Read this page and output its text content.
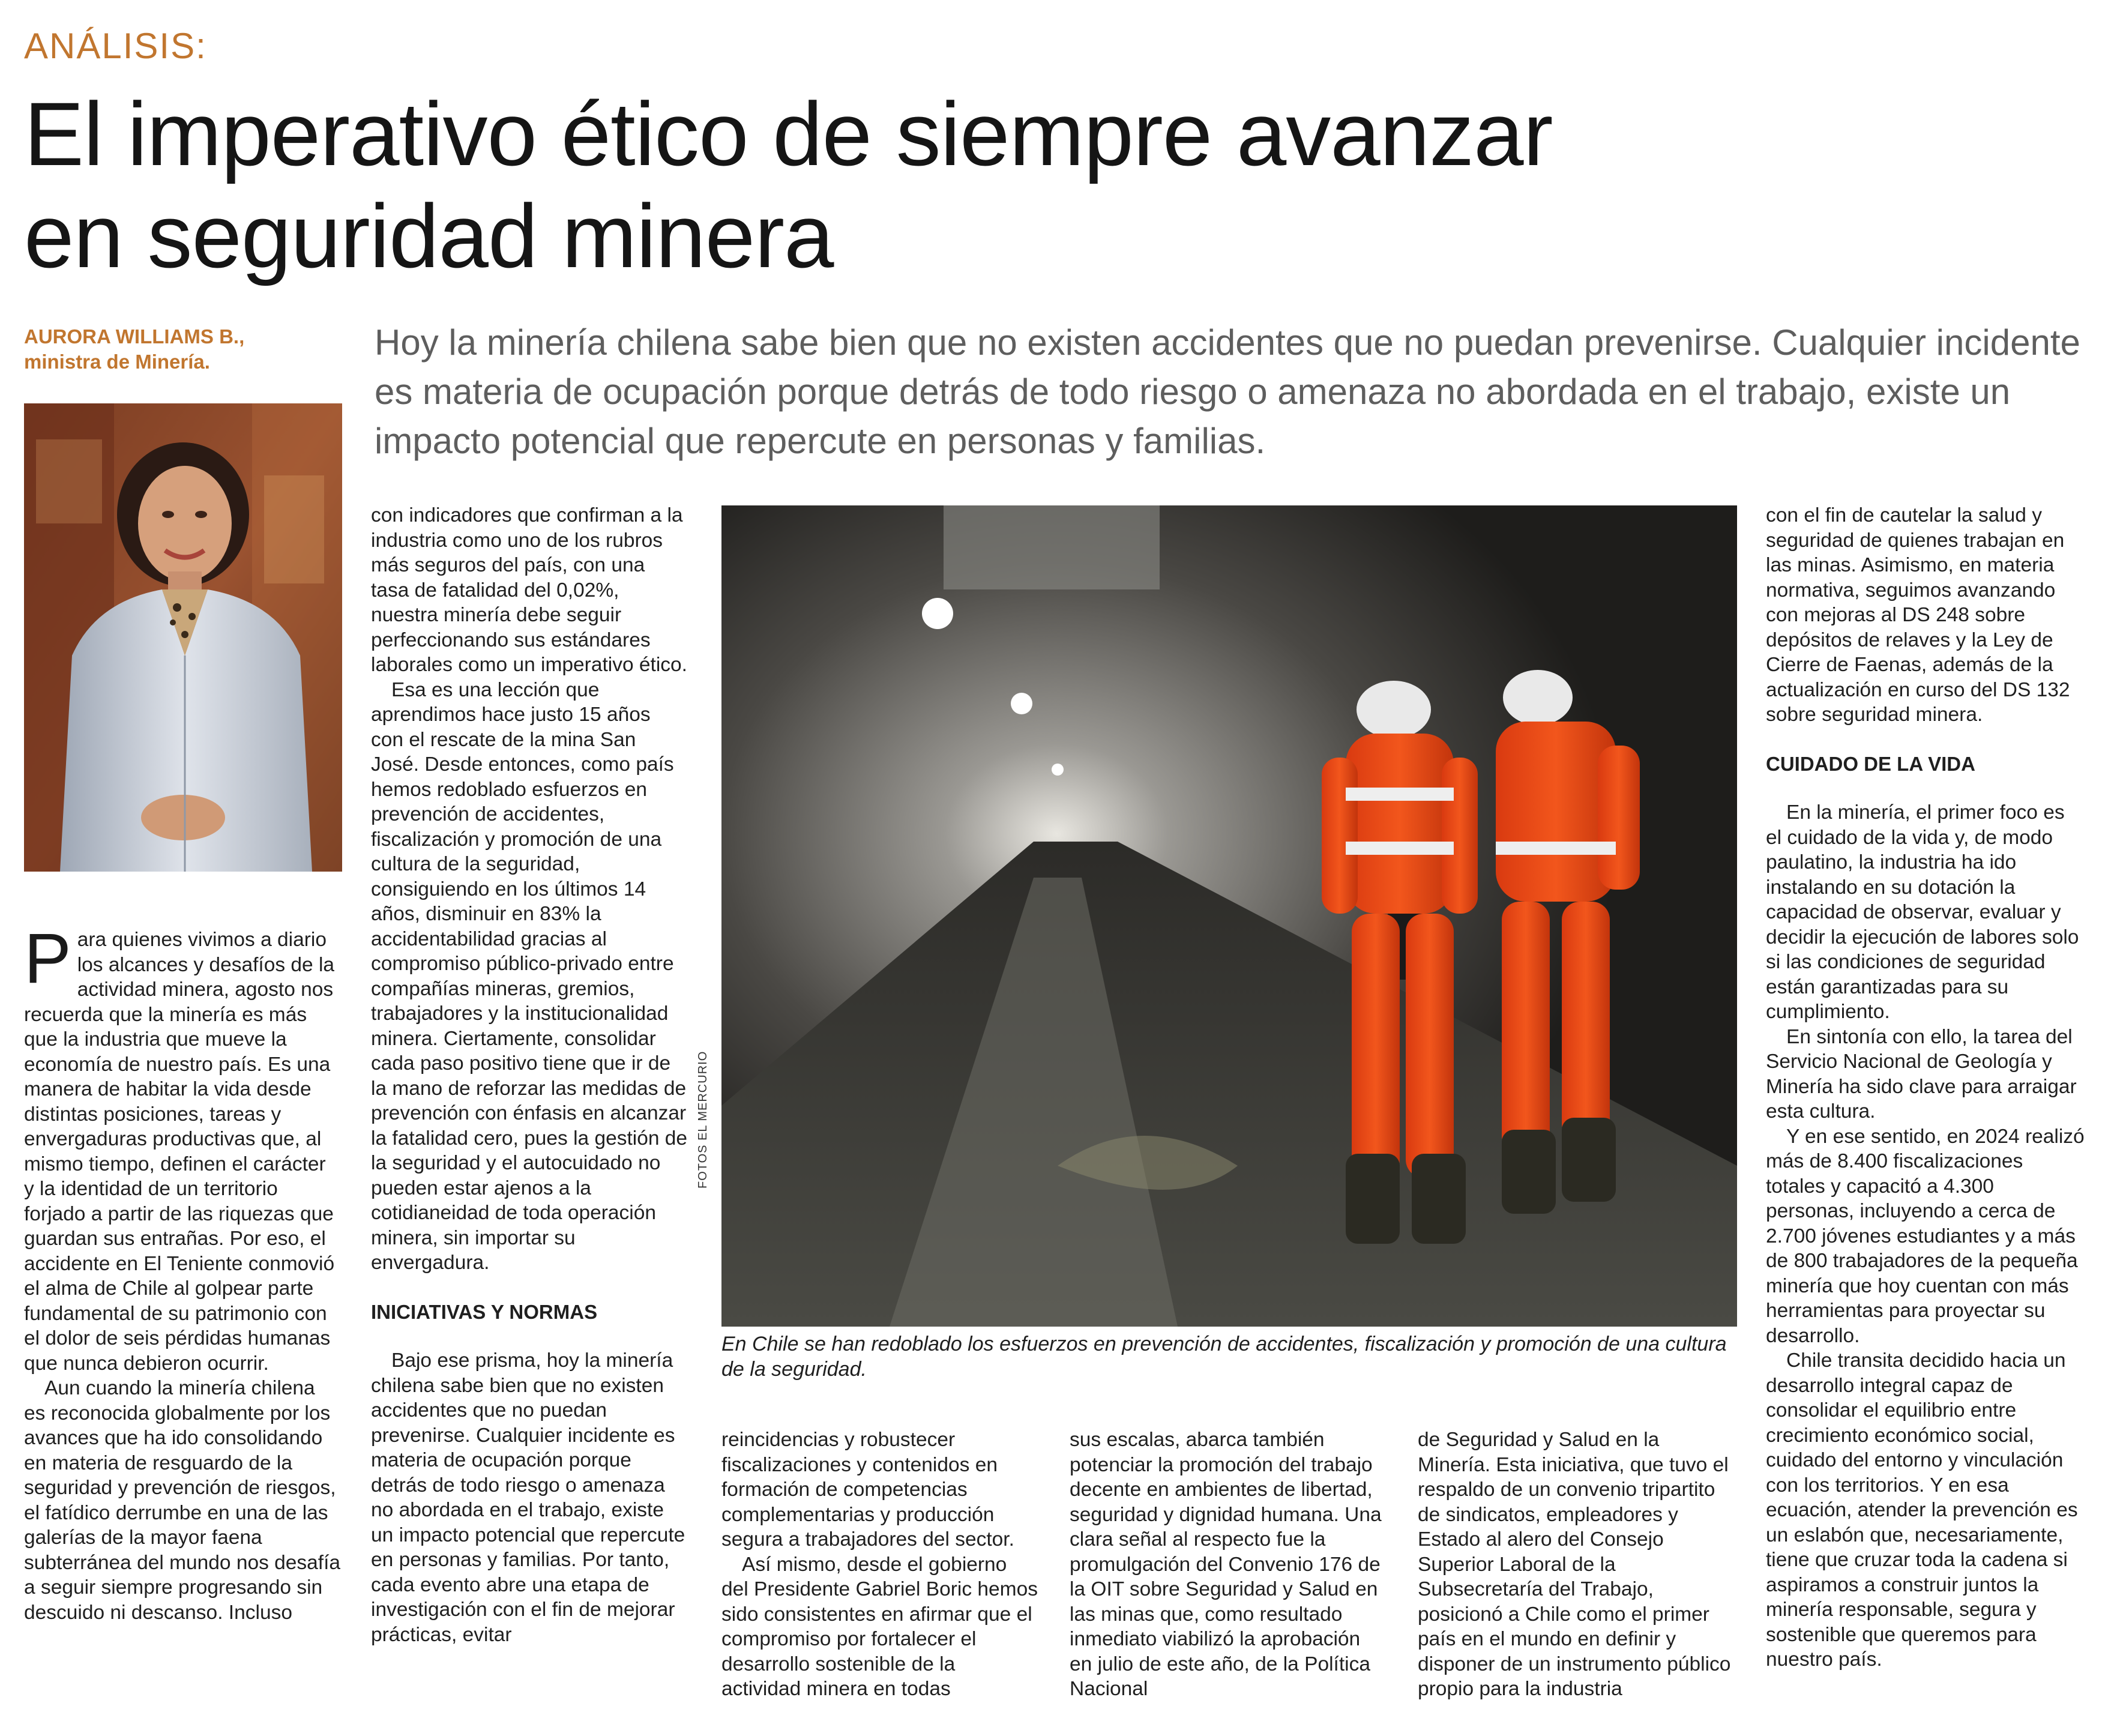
ANÁLISIS:
El imperativo ético de siempre avanzar
en seguridad minera
AURORA WILLIAMS B.,
ministra de Minería.	Hoy la minería chilena sabe bien que no existen accidentes que no puedan prevenirse. Cualquier incidente es materia de ocupación porque detrás de todo riesgo o amenaza no abordada en el trabajo, existe un impacto potencial que repercute en personas y familias.
P ara quienes vivimos a diario los alcances y desafíos de la actividad minera, agosto nos recuerda que la minería es más que la industria que mueve la economía de nuestro país. Es una manera de habitar la vida desde distintas posiciones, tareas y envergaduras productivas que, al mismo tiempo, definen el carácter y la identidad de un territorio forjado a partir de las riquezas que guardan sus entrañas. Por eso, el accidente en El Teniente conmovió el alma de Chile al golpear parte fundamental de su patrimonio con el dolor de seis pérdidas humanas que nunca debieron ocurrir.

Aun cuando la minería chilena es reconocida globalmente por los avances que ha ido consolidando en materia de resguardo de la seguridad y prevención de riesgos, el fatídico derrumbe en una de las galerías de la mayor faena subterránea del mundo nos desafía a seguir siempre progresando sin descuido ni descanso. Incluso

con indicadores que confirman a la industria como uno de los rubros más seguros del país, con una tasa de fatalidad del 0,02%, nuestra minería debe seguir perfeccionando sus estándares laborales como un imperativo ético.

Esa es una lección que aprendimos hace justo 15 años con el rescate de la mina San José. Desde entonces, como país hemos redoblado esfuerzos en prevención de accidentes, fiscalización y promoción de una cultura de la seguridad, consiguiendo en los últimos 14 años, disminuir en 83% la accidentabilidad gracias al compromiso público-privado entre compañías mineras, gremios, trabajadores y la institucionalidad minera. Ciertamente, consolidar cada paso positivo tiene que ir de la mano de reforzar las medidas de prevención con énfasis en alcanzar la fatalidad cero, pues la gestión de la seguridad y el autocuidado no pueden estar ajenos a la cotidianeidad de toda operación minera, sin importar su envergadura.

INICIATIVAS Y NORMAS

Bajo ese prisma, hoy la minería chilena sabe bien que no existen accidentes que no puedan prevenirse. Cualquier incidente es materia de ocupación porque detrás de todo riesgo o amenaza no abordada en el trabajo, existe un impacto potencial que repercute en personas y familias. Por tanto, cada evento abre una etapa de investigación con el fin de mejorar prácticas, evitar

FOTOS EL MERCURIO
En Chile se han redoblado los esfuerzos en prevención de accidentes, fiscalización y promoción de una cultura de la seguridad.

reincidencias y robustecer fiscalizaciones y contenidos en formación de competencias complementarias y producción segura a trabajadores del sector.

Así mismo, desde el gobierno del Presidente Gabriel Boric hemos sido consistentes en afirmar que el compromiso por fortalecer el desarrollo sostenible de la actividad minera en todas

sus escalas, abarca también potenciar la promoción del trabajo decente en ambientes de libertad, seguridad y dignidad humana. Una clara señal al respecto fue la promulgación del Convenio 176 de la OIT sobre Seguridad y Salud en las minas que, como resultado inmediato viabilizó la aprobación en julio de este año, de la Política Nacional

de Seguridad y Salud en la Minería. Esta iniciativa, que tuvo el respaldo de un convenio tripartito de sindicatos, empleadores y Estado al alero del Consejo Superior Laboral de la Subsecretaría del Trabajo, posicionó a Chile como el primer país en el mundo en definir y disponer de un instrumento público propio para la industria

con el fin de cautelar la salud y seguridad de quienes trabajan en las minas. Asimismo, en materia normativa, seguimos avanzando con mejoras al DS 248 sobre depósitos de relaves y la Ley de Cierre de Faenas, además de la actualización en curso del DS 132 sobre seguridad minera.

CUIDADO DE LA VIDA

En la minería, el primer foco es el cuidado de la vida y, de modo paulatino, la industria ha ido instalando en su dotación la capacidad de observar, evaluar y decidir la ejecución de labores solo si las condiciones de seguridad están garantizadas para su cumplimiento.

En sintonía con ello, la tarea del Servicio Nacional de Geología y Minería ha sido clave para arraigar esta cultura.

Y en ese sentido, en 2024 realizó más de 8.400 fiscalizaciones totales y capacitó a 4.300 personas, incluyendo a cerca de 2.700 jóvenes estudiantes y a más de 800 trabajadores de la pequeña minería que hoy cuentan con más herramientas para proyectar su desarrollo.

Chile transita decidido hacia un desarrollo integral capaz de consolidar el equilibrio entre crecimiento económico social, cuidado del entorno y vinculación con los territorios. Y en esa ecuación, atender la prevención es un eslabón que, necesariamente, tiene que cruzar toda la cadena si aspiramos a construir juntos la minería responsable, segura y sostenible que queremos para nuestro país.
